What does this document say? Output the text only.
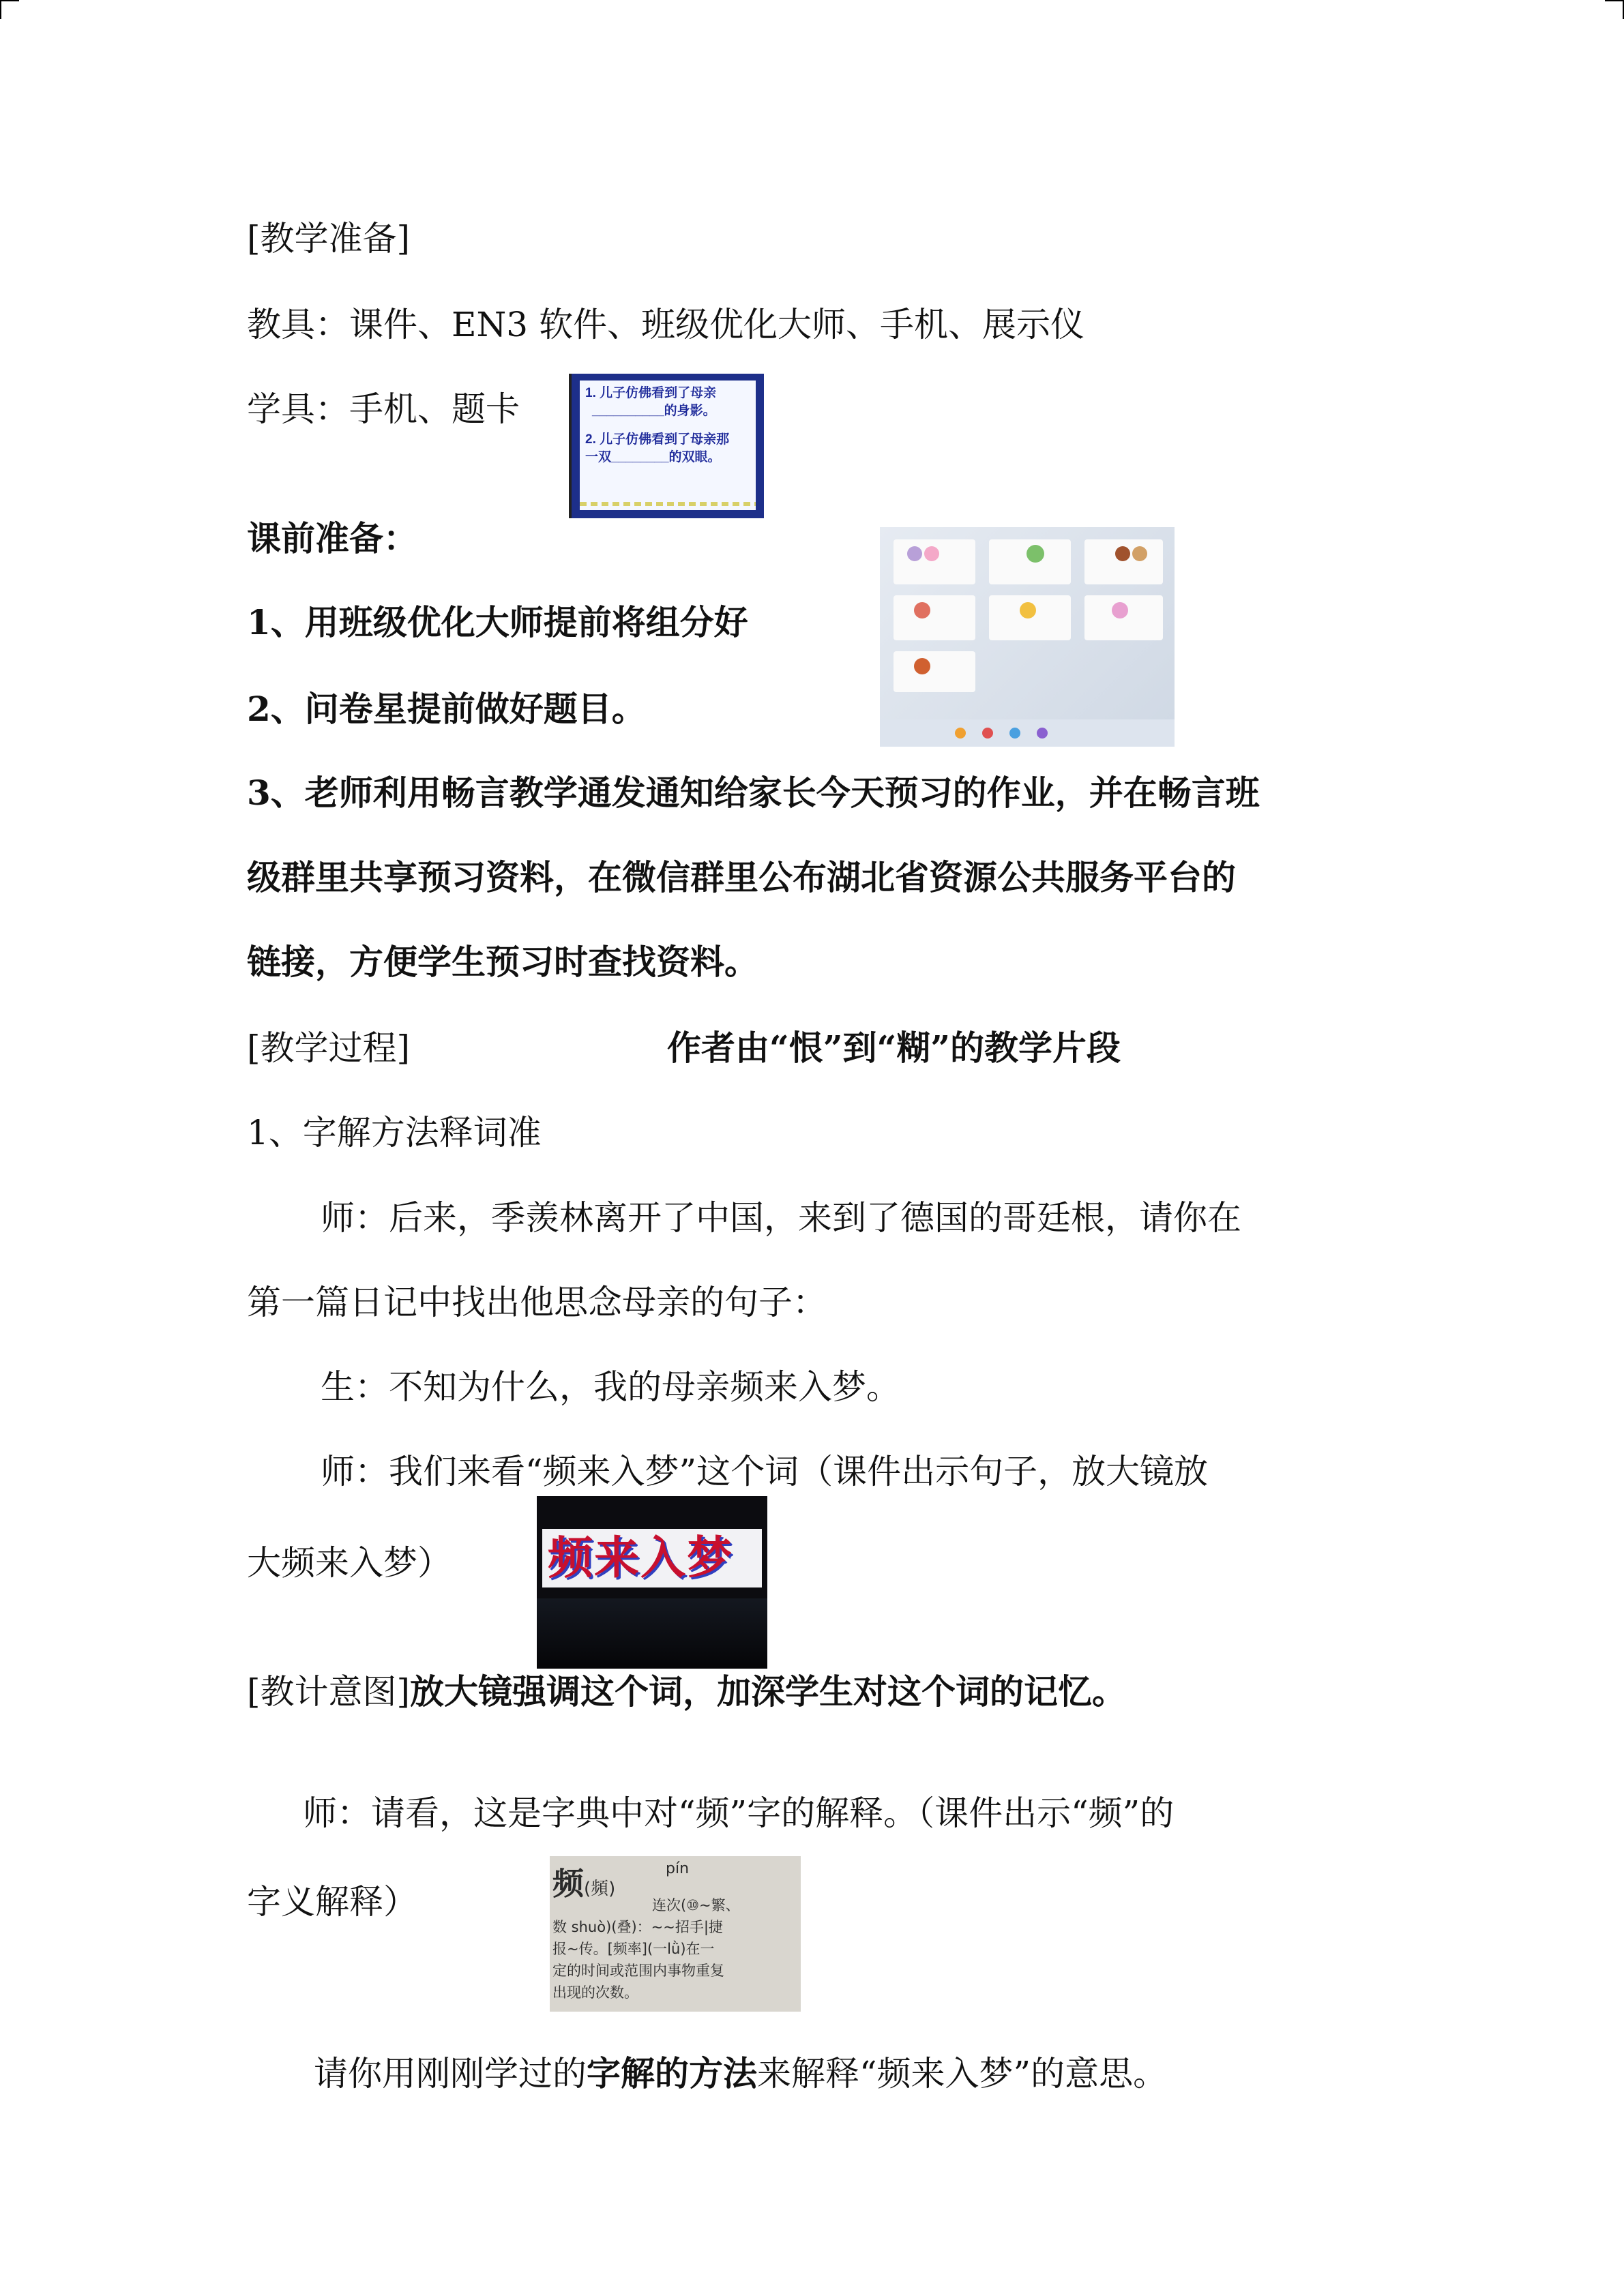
[教学准备]
教具：课件、EN3 软件、班级优化大师、手机、展示仪
学具：手机、题卡	1. 儿子仿佛看到了母亲
__________的身影。
2. 儿子仿佛看到了母亲那
一双________的双眼。
课前准备：
1、用班级优化大师提前将组分好
2、问卷星提前做好题目。
3、老师利用畅言教学通发通知给家长今天预习的作业，并在畅言班
级群里共享预习资料，在微信群里公布湖北省资源公共服务平台的
链接，方便学生预习时查找资料。
[教学过程]	作者由“恨”到“糊”的教学片段
1、字解方法释词准
师：后来，季羡林离开了中国，来到了德国的哥廷根，请你在
第一篇日记中找出他思念母亲的句子：
生：不知为什么，我的母亲频来入梦。
师：我们来看“频来入梦”这个词（课件出示句子，放大镜放
大频来入梦） 频来入梦
[教计意图]放大镜强调这个词，加深学生对这个词的记忆。
师：请看，这是字典中对“频”字的解释。（课件出示“频”的
字义解释）	频(頻)
pín
连次(⑩~繁、
数 shuò)(叠)：~~招手|捷
报~传。[频率](一lǜ)在一
定的时间或范围内事物重复
出现的次数。
请你用刚刚学过的字解的方法来解释“频来入梦”的意思。
